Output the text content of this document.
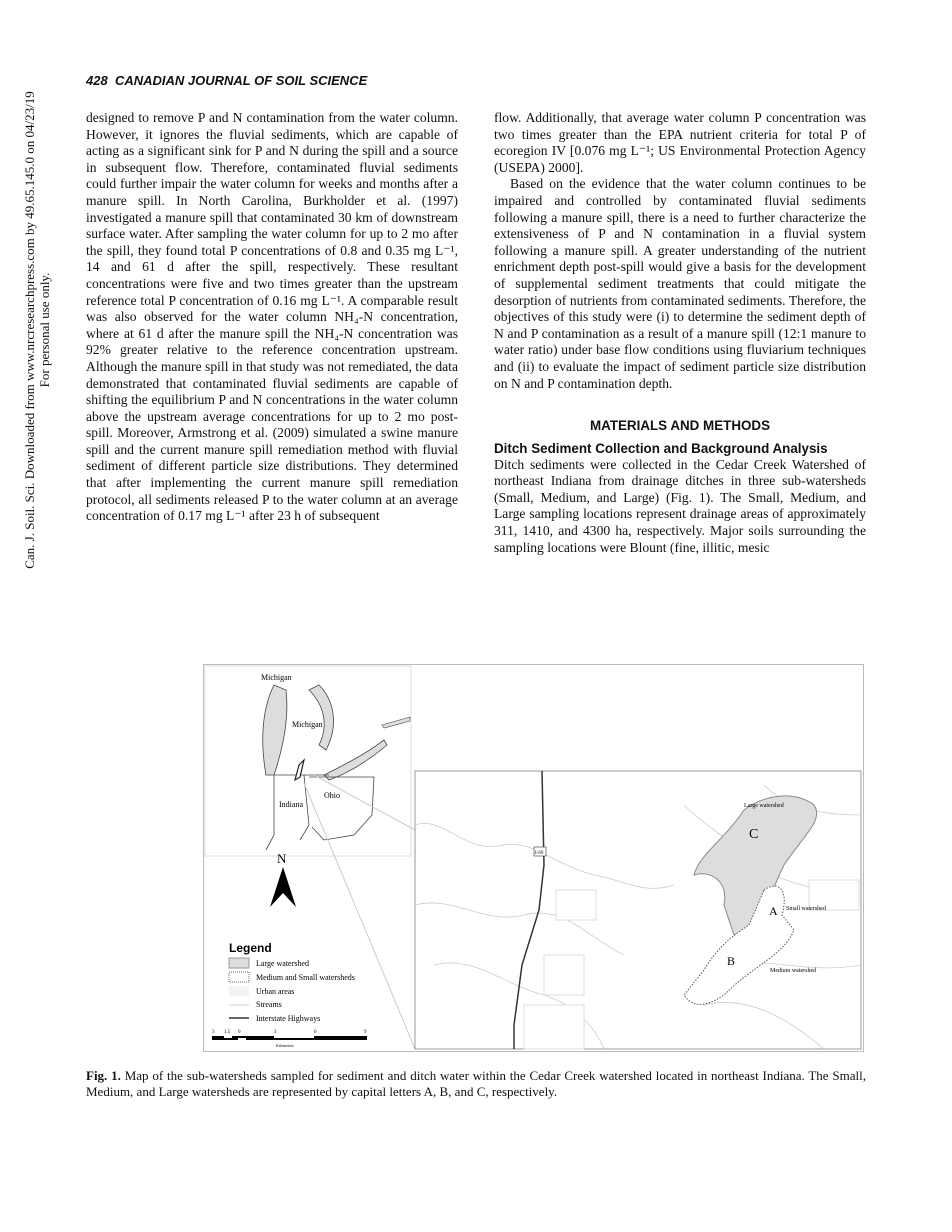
Can. J. Soil. Sci. Downloaded from www.nrcresearchpress.com by 49.65.145.0 on 04/23/19
For personal use only.
428 CANADIAN JOURNAL OF SOIL SCIENCE

designed to remove P and N contamination from the water column. However, it ignores the fluvial sediments, which are capable of acting as a significant sink for P and N during the spill and a source in subsequent flow. Therefore, contaminated fluvial sediments could further impair the water column for weeks and months after a manure spill. In North Carolina, Burkholder et al. (1997) investigated a manure spill that contaminated 30 km of downstream surface water. After sampling the water column for up to 2 mo after the spill, they found total P concentrations of 0.8 and 0.35 mg L⁻¹, 14 and 61 d after the spill, respectively. These resultant concentrations were five and two times greater than the upstream reference total P concentration of 0.16 mg L⁻¹. A comparable result was also observed for the water column NH₄-N concentration, where at 61 d after the manure spill the NH₄-N concentration was 92% greater relative to the reference concentration upstream. Although the manure spill in that study was not remediated, the data demonstrated that contaminated fluvial sediments are capable of shifting the equilibrium P and N concentrations in the water column above the upstream average concentrations for up to 2 mo post-spill. Moreover, Armstrong et al. (2009) simulated a swine manure spill and the current manure spill remediation method with fluvial sediment of different particle size distributions. They determined that after implementing the current manure spill remediation protocol, all sediments released P to the water column at an average concentration of 0.17 mg L⁻¹ after 23 h of subsequent

flow. Additionally, that average water column P concentration was two times greater than the EPA nutrient criteria for total P of ecoregion IV [0.076 mg L⁻¹; US Environmental Protection Agency (USEPA) 2000].

Based on the evidence that the water column continues to be impaired and controlled by contaminated fluvial sediments following a manure spill, there is a need to further characterize the extensiveness of P and N contamination in a fluvial system following a manure spill. A greater understanding of the nutrient enrichment depth post-spill would give a basis for the development of supplemental sediment treatments that could mitigate the desorption of nutrients from contaminated sediments. Therefore, the objectives of this study were (i) to determine the sediment depth of N and P contamination as a result of a manure spill (12:1 manure to water ratio) under base flow conditions using fluviarium techniques and (ii) to evaluate the impact of sediment particle size distribution on N and P contamination depth.

MATERIALS AND METHODS
Ditch Sediment Collection and Background Analysis

Ditch sediments were collected in the Cedar Creek Watershed of northeast Indiana from drainage ditches in three sub-watersheds (Small, Medium, and Large) (Fig. 1). The Small, Medium, and Large sampling locations represent drainage areas of approximately 311, 1410, and 4300 ha, respectively. Major soils surrounding the sampling locations were Blount (fine, illitic, mesic

Michigan
Michigan
Indiana
Ohio
N
Legend
Large watershed
Medium and Small watersheds
Urban areas
Streams
Interstate Highways
3 1.5 0	3	6	9
Kilometers
I-69
C
A
B
Large watershed
Small watershed
Medium watershed
Fig. 1. Map of the sub-watersheds sampled for sediment and ditch water within the Cedar Creek watershed located in northeast Indiana. The Small, Medium, and Large watersheds are represented by capital letters A, B, and C, respectively.
